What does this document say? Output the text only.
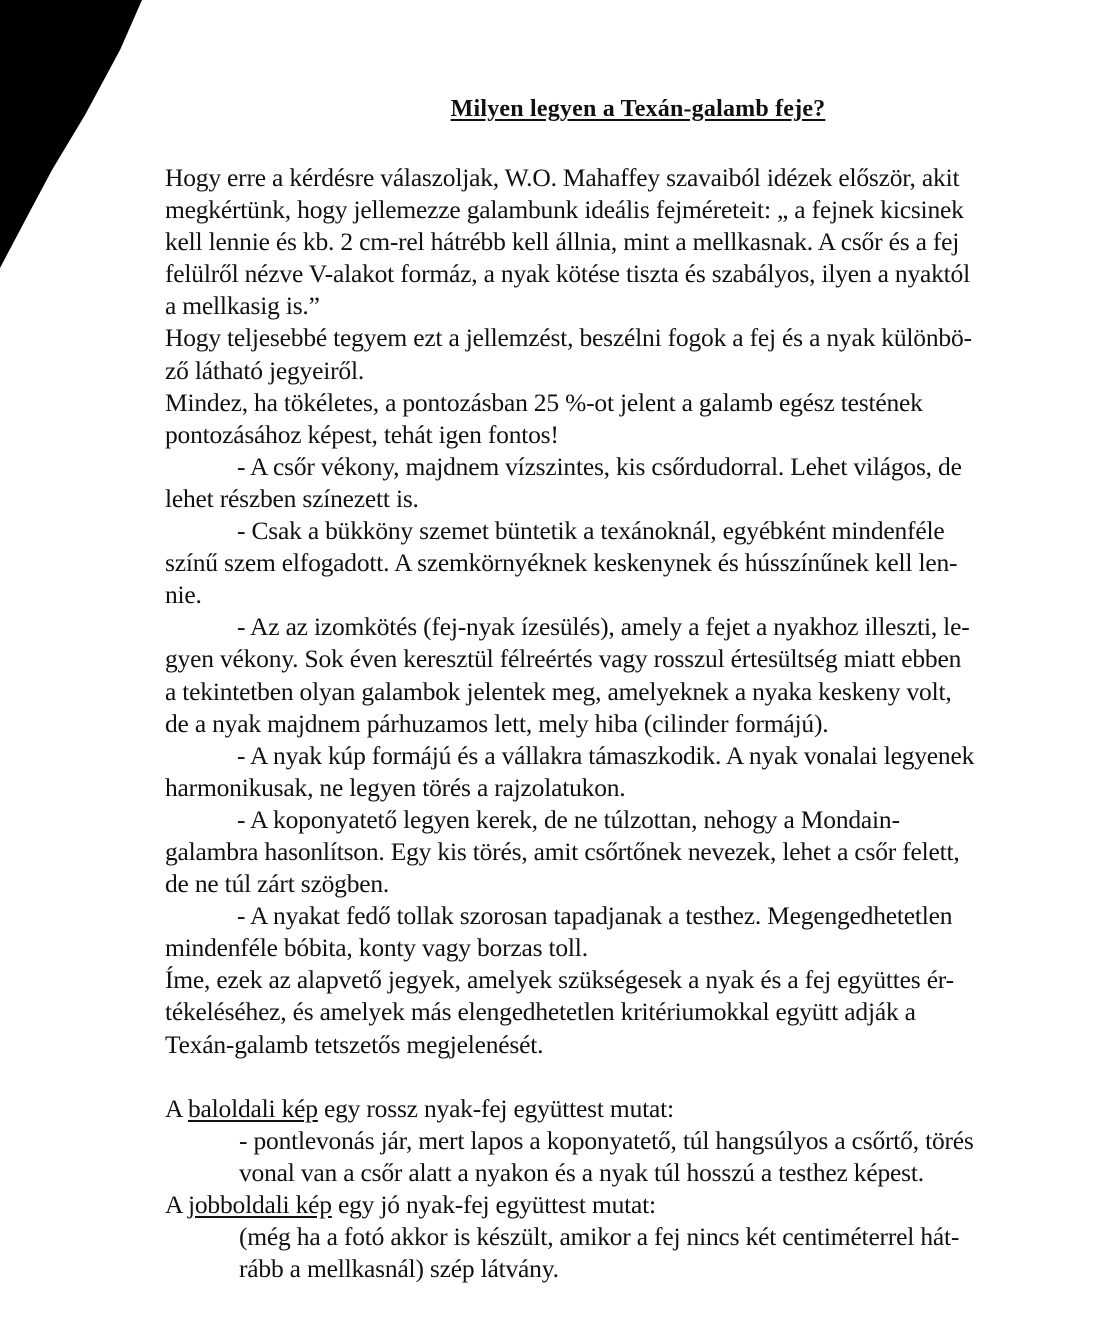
Milyen legyen a Texán-galamb feje?
Hogy erre a kérdésre válaszoljak, W.O. Mahaffey szavaiból idézek először, akit
megkértünk, hogy jellemezze galambunk ideális fejméreteit: „ a fejnek kicsinek
kell lennie és kb. 2 cm-rel hátrébb kell állnia, mint a mellkasnak. A csőr és a fej
felülről nézve V-alakot formáz, a nyak kötése tiszta és szabályos, ilyen a nyaktól
a mellkasig is.”
Hogy teljesebbé tegyem ezt a jellemzést, beszélni fogok a fej és a nyak különbö-
ző látható jegyeiről.
Mindez, ha tökéletes, a pontozásban 25 %-ot jelent a galamb egész testének
pontozásához képest, tehát igen fontos!
- A csőr vékony, majdnem vízszintes, kis csőrdudorral. Lehet világos, de
lehet részben színezett is.
- Csak a bükköny szemet büntetik a texánoknál, egyébként mindenféle
színű szem elfogadott. A szemkörnyéknek keskenynek és hússzínűnek kell len-
nie.
- Az az izomkötés (fej-nyak ízesülés), amely a fejet a nyakhoz illeszti, le-
gyen vékony. Sok éven keresztül félreértés vagy rosszul értesültség miatt ebben
a tekintetben olyan galambok jelentek meg, amelyeknek a nyaka keskeny volt,
de a nyak majdnem párhuzamos lett, mely hiba (cilinder formájú).
- A nyak kúp formájú és a vállakra támaszkodik. A nyak vonalai legyenek
harmonikusak, ne legyen törés a rajzolatukon.
- A koponyatető legyen kerek, de ne túlzottan, nehogy a Mondain-
galambra hasonlítson. Egy kis törés, amit csőrtőnek nevezek, lehet a csőr felett,
de ne túl zárt szögben.
- A nyakat fedő tollak szorosan tapadjanak a testhez. Megengedhetetlen
mindenféle bóbita, konty vagy borzas toll.
Íme, ezek az alapvető jegyek, amelyek szükségesek a nyak és a fej együttes ér-
tékeléséhez, és amelyek más elengedhetetlen kritériumokkal együtt adják a
Texán-galamb tetszetős megjelenését.
A baloldali kép egy rossz nyak-fej együttest mutat:
- pontlevonás jár, mert lapos a koponyatető, túl hangsúlyos a csőrtő, törés
vonal van a csőr alatt a nyakon és a nyak túl hosszú a testhez képest.
A jobboldali kép egy jó nyak-fej együttest mutat:
(még ha a fotó akkor is készült, amikor a fej nincs két centiméterrel hát-
rább a mellkasnál) szép látvány.
